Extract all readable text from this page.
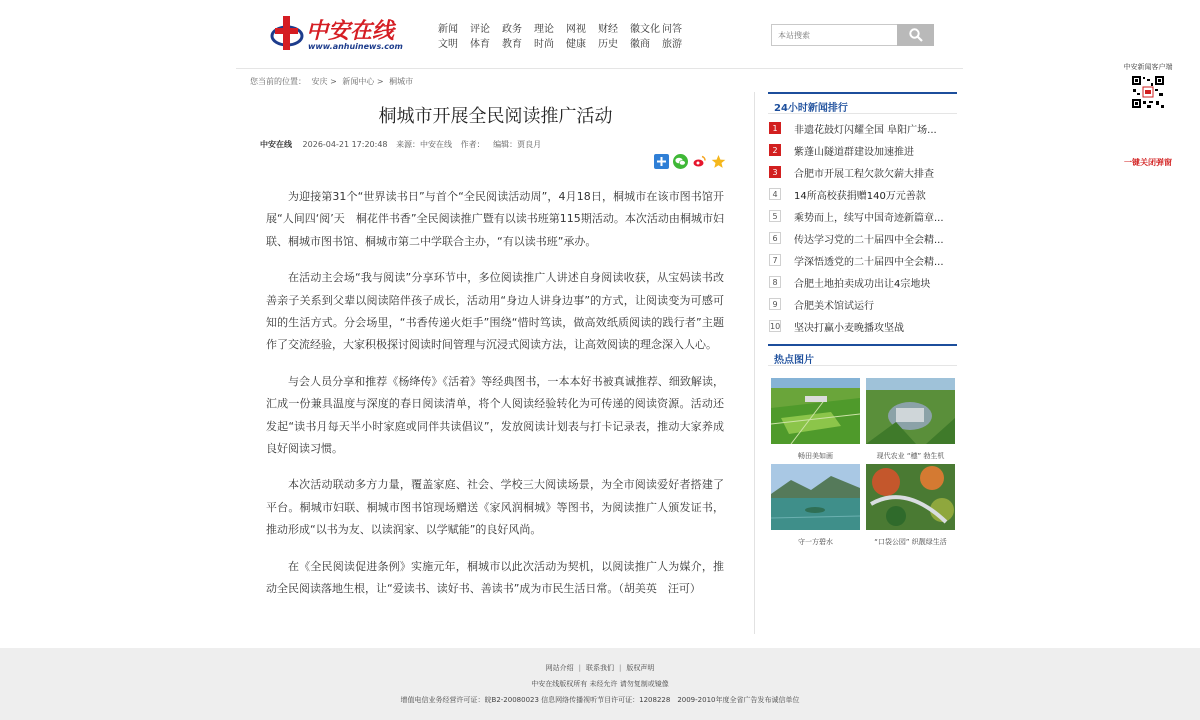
中安在线
www.anhuinews.com
新闻	评论	政务	理论	网视	财经	徽文化 问答
文明	体育	教育	时尚	健康	历史	徽商	旅游
本站搜索
您当前的位置： 安庆 > 新闻中心 > 桐城市
桐城市开展全民阅读推广活动
中安在线 2026-04-21 17:20:48 来源：中安在线 作者： 编辑：贾良月

为迎接第31个“世界读书日”与首个“全民阅读活动周”，4月18日，桐城市在该市图书馆开展“人间四‘阅’天　桐花伴书香”全民阅读推广暨有以读书班第115期活动。本次活动由桐城市妇联、桐城市图书馆、桐城市第二中学联合主办，“有以读书班”承办。

在活动主会场“我与阅读”分享环节中，多位阅读推广人讲述自身阅读收获，从宝妈读书改善亲子关系到父辈以阅读陪伴孩子成长，活动用“身边人讲身边事”的方式，让阅读变为可感可知的生活方式。分会场里，“书香传递火炬手”围绕“惜时笃读，做高效纸质阅读的践行者”主题作了交流经验，大家积极探讨阅读时间管理与沉浸式阅读方法，让高效阅读的理念深入人心。

与会人员分享和推荐《杨绛传》《活着》等经典图书，一本本好书被真诚推荐、细致解读，汇成一份兼具温度与深度的春日阅读清单，将个人阅读经验转化为可传递的阅读资源。活动还发起“读书月每天半小时家庭或同伴共读倡议”，发放阅读计划表与打卡记录表，推动大家养成良好阅读习惯。

本次活动联动多方力量，覆盖家庭、社会、学校三大阅读场景，为全市阅读爱好者搭建了平台。桐城市妇联、桐城市图书馆现场赠送《家风润桐城》等图书，为阅读推广人颁发证书，推动形成“以书为友、以读润家、以学赋能”的良好风尚。

在《全民阅读促进条例》实施元年，桐城市以此次活动为契机，以阅读推广人为媒介，推动全民阅读落地生根，让“爱读书、读好书、善读书”成为市民生活日常。（胡美英　汪可）

24小时新闻排行
1	非遗花鼓灯闪耀全国 阜阳广场...
2	紫蓬山隧道群建设加速推进
3	合肥市开展工程欠款欠薪大排查
4	14所高校获捐赠140万元善款
5	乘势而上，续写中国奇迹新篇章...
6	传达学习党的二十届四中全会精...
7	学深悟透党的二十届四中全会精...
8	合肥土地拍卖成功出让4宗地块
9	合肥美术馆试运行
10 坚决打赢小麦晚播攻坚战
热点图片
畅田美如画	现代农业 “穗” 勃生机
守一方碧水	“口袋公园” 织靓绿生活
中安新闻客户端
一键关闭弹窗
网站介绍 | 联系我们 | 版权声明
中安在线版权所有 未经允许 请勿复制或镜像
增值电信业务经营许可证：皖B2-20080023 信息网络传播视听节目许可证：1208228　2009-2010年度全省广告发布诚信单位
